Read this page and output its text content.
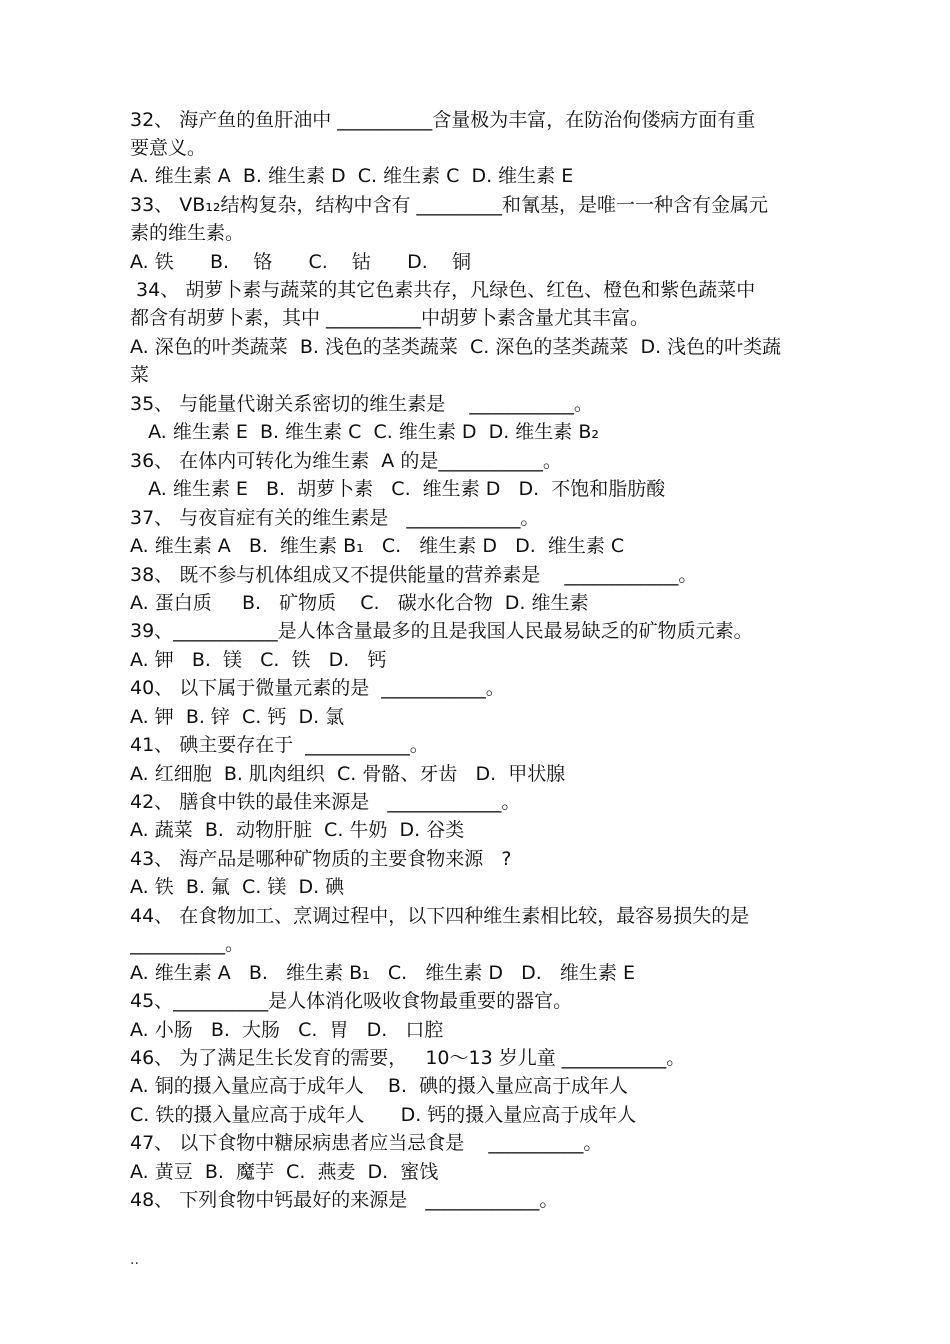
32、 海产鱼的鱼肝油中 __________含量极为丰富，在防治佝偻病方面有重
要意义。
A. 维生素 A  B. 维生素 D  C. 维生素 C  D. 维生素 E
33、 VB₁₂结构复杂，结构中含有 _________和氰基，是唯一一种含有金属元
素的维生素。
A. 铁      B.    铬      C.    钴      D.    铜
34、 胡萝卜素与蔬菜的其它色素共存，凡绿色、红色、橙色和紫色蔬菜中
都含有胡萝卜素，其中 __________中胡萝卜素含量尤其丰富。
A. 深色的叶类蔬菜  B. 浅色的茎类蔬菜  C. 深色的茎类蔬菜  D. 浅色的叶类蔬
菜
35、 与能量代谢关系密切的维生素是    ___________。
A. 维生素 E  B. 维生素 C  C. 维生素 D  D. 维生素 B₂
36、 在体内可转化为维生素  A 的是___________。
A. 维生素 E   B.  胡萝卜素   C.  维生素 D   D.  不饱和脂肪酸
37、 与夜盲症有关的维生素是   ____________。
A. 维生素 A   B.  维生素 B₁   C.   维生素 D   D.  维生素 C
38、 既不参与机体组成又不提供能量的营养素是    ____________。
A. 蛋白质     B.   矿物质    C.   碳水化合物  D. 维生素
39、___________是人体含量最多的且是我国人民最易缺乏的矿物质元素。
A. 钾   B.  镁   C.  铁   D.   钙
40、 以下属于微量元素的是  ___________。
A. 钾  B. 锌  C. 钙  D. 氯
41、 碘主要存在于  ___________。
A. 红细胞  B. 肌肉组织  C. 骨骼、牙齿   D.  甲状腺
42、 膳食中铁的最佳来源是   ____________。
A. 蔬菜  B.  动物肝脏  C. 牛奶  D. 谷类
43、 海产品是哪种矿物质的主要食物来源   ?
A. 铁  B. 氟  C. 镁  D. 碘
44、 在食物加工、烹调过程中，以下四种维生素相比较，最容易损失的是
__________。
A. 维生素 A   B.   维生素 B₁   C.   维生素 D   D.   维生素 E
45、__________是人体消化吸收食物最重要的器官。
A. 小肠   B.  大肠   C.  胃   D.   口腔
46、 为了满足生长发育的需要，   10～13 岁儿童 ___________。
A. 铜的摄入量应高于成年人    B.  碘的摄入量应高于成年人
C. 铁的摄入量应高于成年人      D. 钙的摄入量应高于成年人
47、 以下食物中糖尿病患者应当忌食是    __________。
A. 黄豆  B.  魔芋  C.  燕麦  D.  蜜饯
48、 下列食物中钙最好的来源是   ____________。
..
